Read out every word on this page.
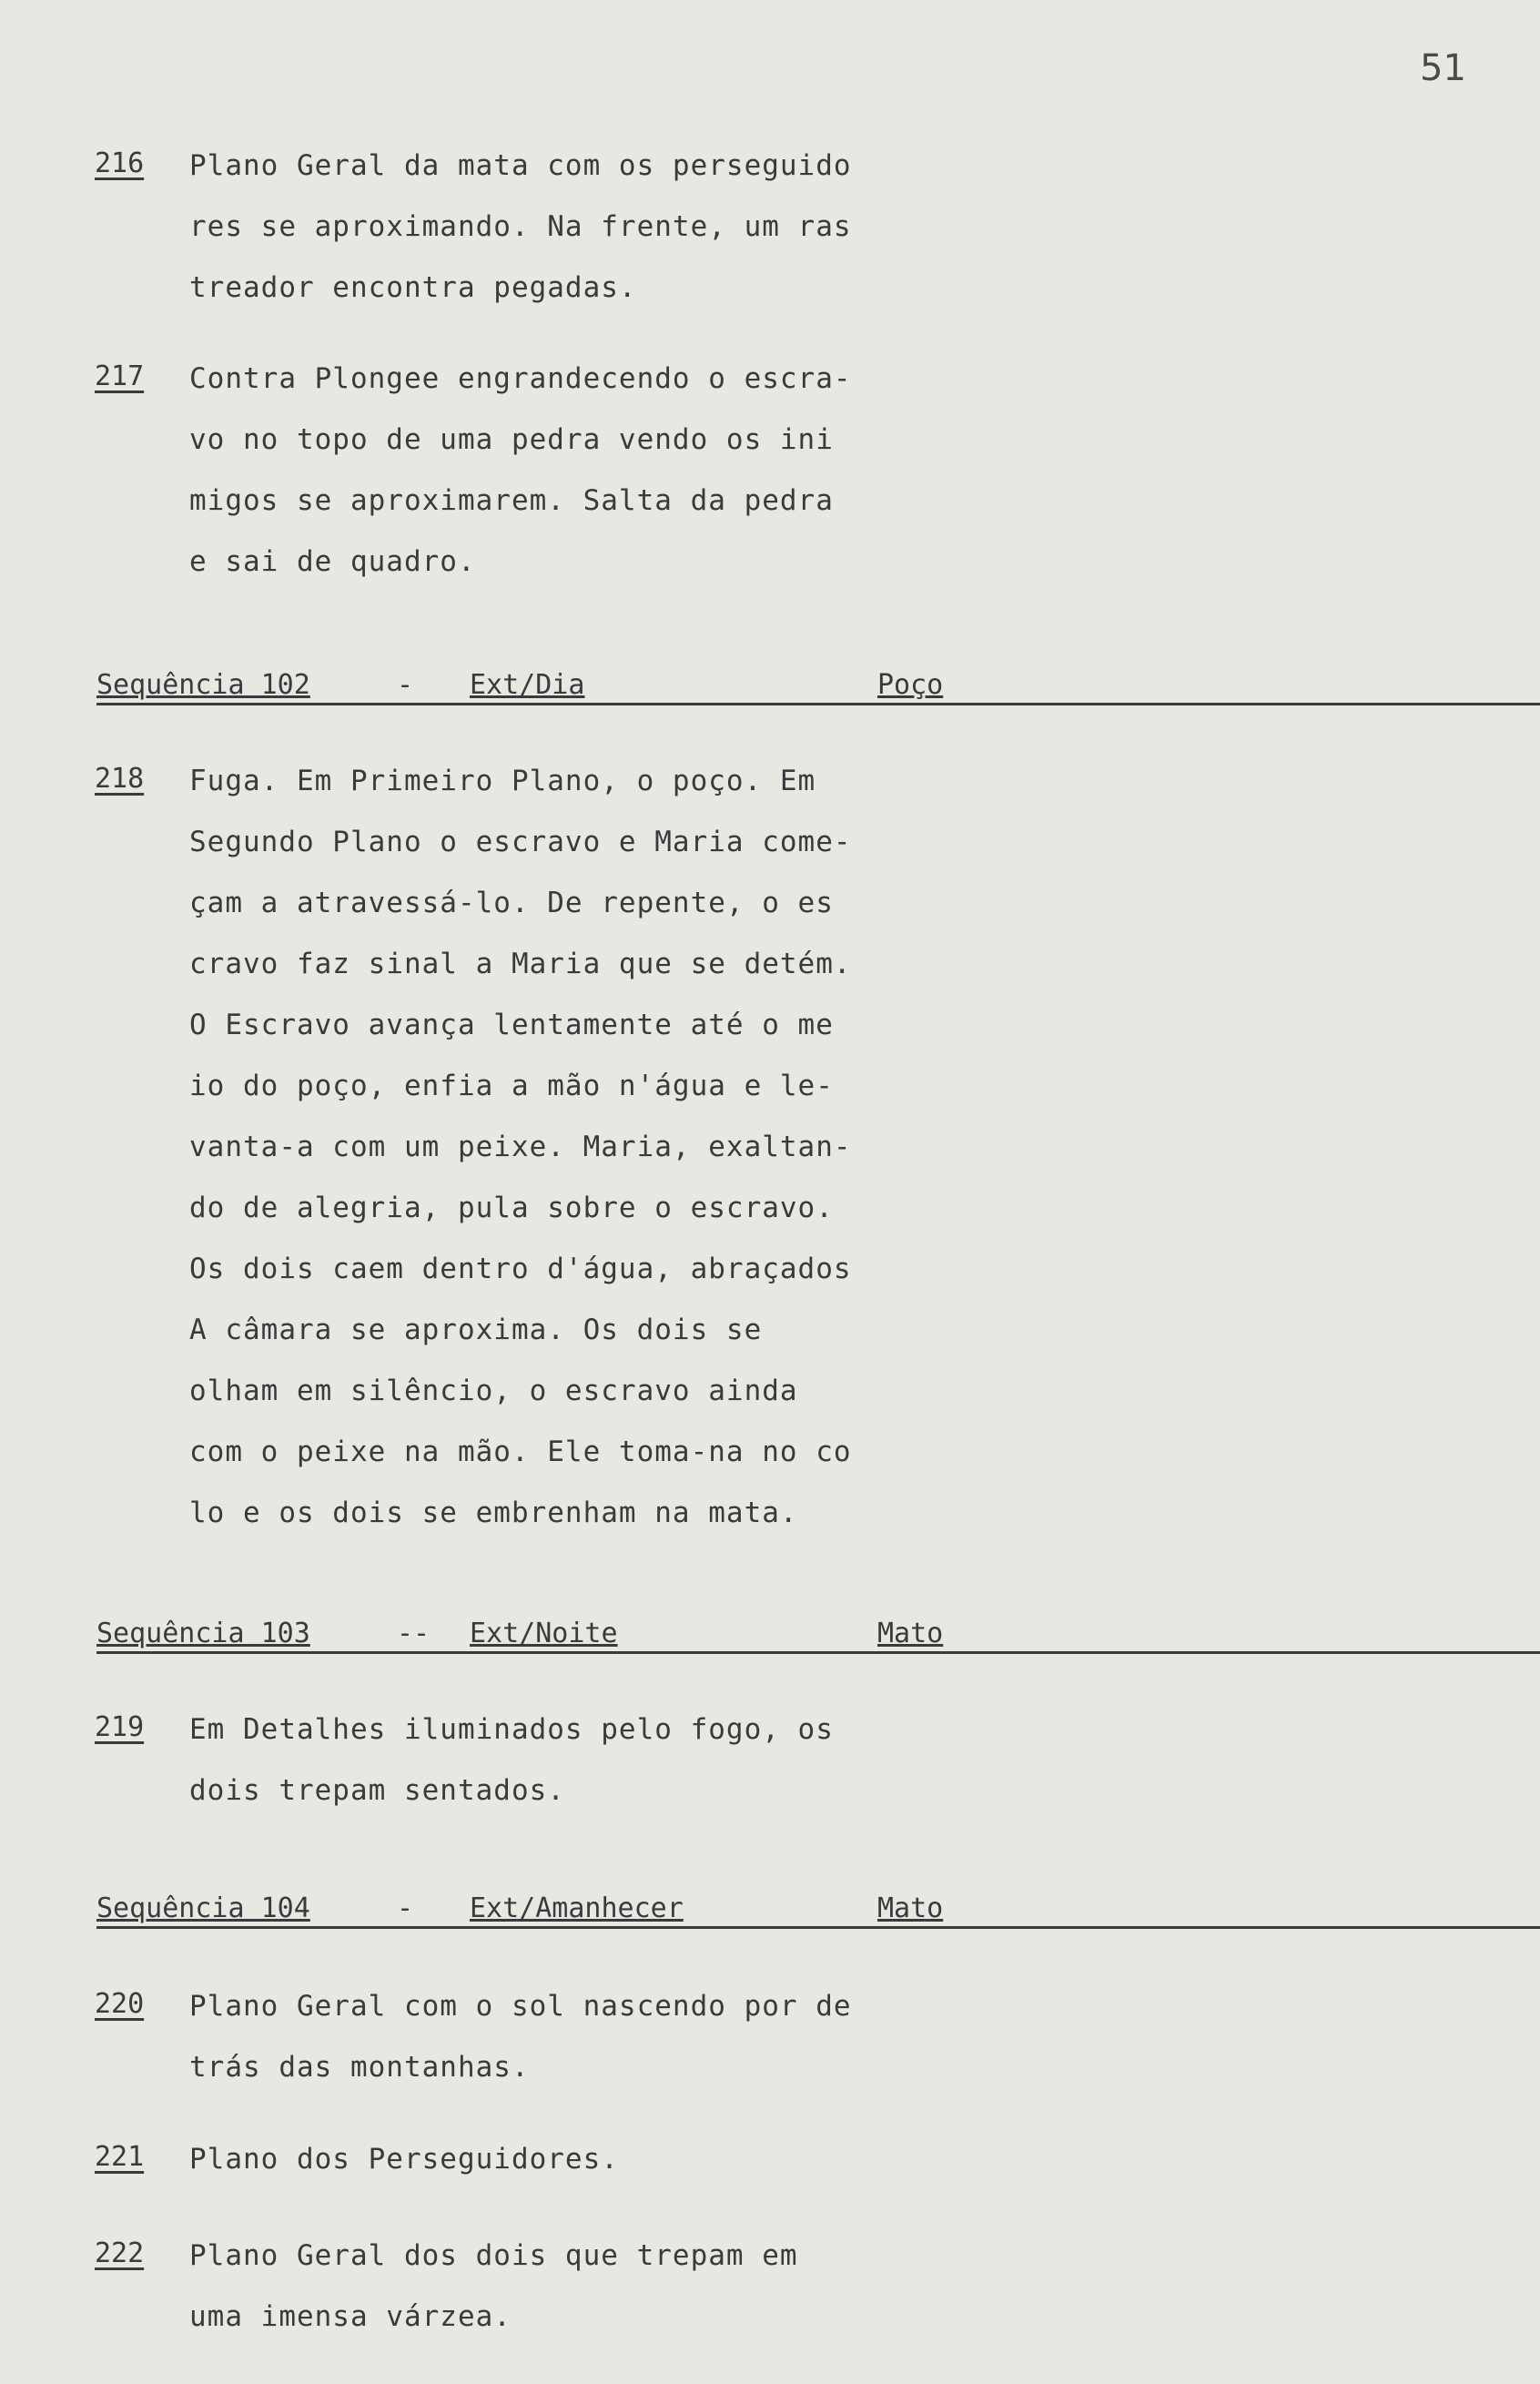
51
216 Plano Geral da mata com os perseguido
res se aproximando. Na frente, um ras
treador encontra pegadas.
217 Contra Plongee engrandecendo o escra-
vo no topo de uma pedra vendo os ini
migos se aproximarem. Salta da pedra
e sai de quadro.
Sequência 102	- Ext/Dia	Poço
218 Fuga. Em Primeiro Plano, o poço. Em
Segundo Plano o escravo e Maria come-
çam a atravessá-lo. De repente, o es
cravo faz sinal a Maria que se detém.
O Escravo avança lentamente até o me
io do poço, enfia a mão n'água e le-
vanta-a com um peixe. Maria, exaltan-
do de alegria, pula sobre o escravo.
Os dois caem dentro d'água, abraçados
A câmara se aproxima. Os dois se
olham em silêncio, o escravo ainda
com o peixe na mão. Ele toma-na no co
lo e os dois se embrenham na mata.
Sequência 103	-- Ext/Noite	Mato
219 Em Detalhes iluminados pelo fogo, os
dois trepam sentados.
Sequência 104	- Ext/Amanhecer	Mato
220 Plano Geral com o sol nascendo por de
trás das montanhas.
221 Plano dos Perseguidores.
222 Plano Geral dos dois que trepam em
uma imensa várzea.
